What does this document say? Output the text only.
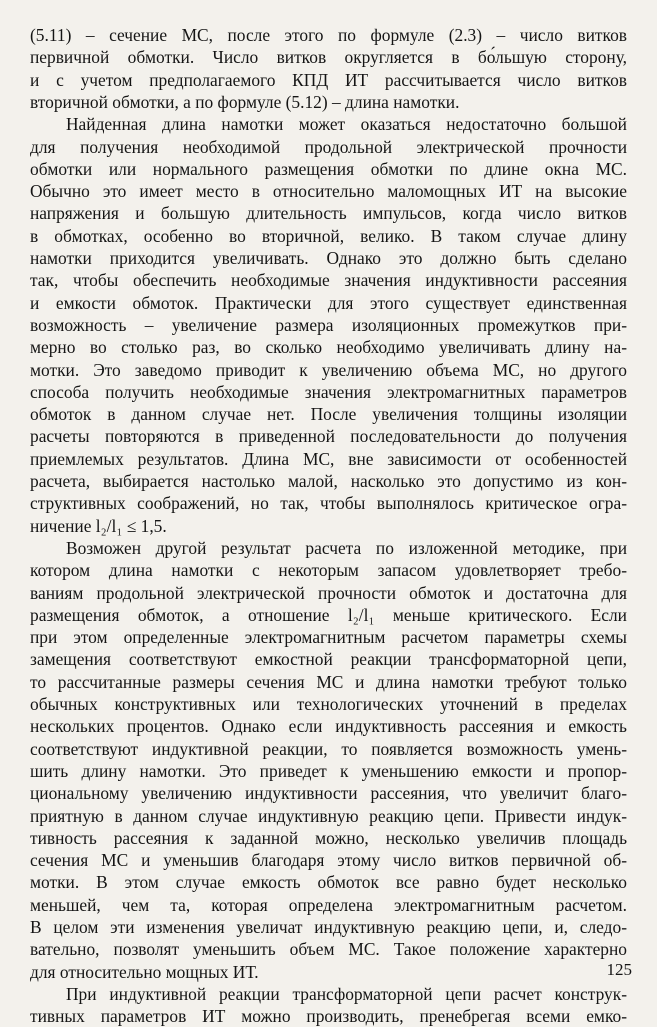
(5.11) – сечение МС, после этого по формуле (2.3) – число витков
первичной обмотки. Число витков округляется в бо́льшую сторону,
и с учетом предполагаемого КПД ИТ рассчитывается число витков
вторичной обмотки, а по формуле (5.12) – длина намотки.
Найденная длина намотки может оказаться недостаточно большой
для получения необходимой продольной электрической прочности
обмотки или нормального размещения обмотки по длине окна МС.
Обычно это имеет место в относительно маломощных ИТ на высокие
напряжения и большую длительность импульсов, когда число витков
в обмотках, особенно во вторичной, велико. В таком случае длину
намотки приходится увеличивать. Однако это должно быть сделано
так, чтобы обеспечить необходимые значения индуктивности рассеяния
и емкости обмоток. Практически для этого существует единственная
возможность – увеличение размера изоляционных промежутков при-
мерно во столько раз, во сколько необходимо увеличивать длину на-
мотки. Это заведомо приводит к увеличению объема МС, но другого
способа получить необходимые значения электромагнитных параметров
обмоток в данном случае нет. После увеличения толщины изоляции
расчеты повторяются в приведенной последовательности до получения
приемлемых результатов. Длина МС, вне зависимости от особенностей
расчета, выбирается настолько малой, насколько это допустимо из кон-
структивных соображений, но так, чтобы выполнялось критическое огра-
ничение l₂/l₁ ≤ 1,5.
Возможен другой результат расчета по изложенной методике, при
котором длина намотки с некоторым запасом удовлетворяет требо-
ваниям продольной электрической прочности обмоток и достаточна для
размещения обмоток, а отношение l₂/l₁ меньше критического. Если
при этом определенные электромагнитным расчетом параметры схемы
замещения соответствуют емкостной реакции трансформаторной цепи,
то рассчитанные размеры сечения МС и длина намотки требуют только
обычных конструктивных или технологических уточнений в пределах
нескольких процентов. Однако если индуктивность рассеяния и емкость
соответствуют индуктивной реакции, то появляется возможность умень-
шить длину намотки. Это приведет к уменьшению емкости и пропор-
циональному увеличению индуктивности рассеяния, что увеличит благо-
приятную в данном случае индуктивную реакцию цепи. Привести индук-
тивность рассеяния к заданной можно, несколько увеличив площадь
сечения МС и уменьшив благодаря этому число витков первичной об-
мотки. В этом случае емкость обмоток все равно будет несколько
меньшей, чем та, которая определена электромагнитным расчетом.
В целом эти изменения увеличат индуктивную реакцию цепи, и, следо-
вательно, позволят уменьшить объем МС. Такое положение характерно
для относительно мощных ИТ.
При индуктивной реакции трансформаторной цепи расчет конструк-
тивных параметров ИТ можно производить, пренебрегая всеми емко-
125
